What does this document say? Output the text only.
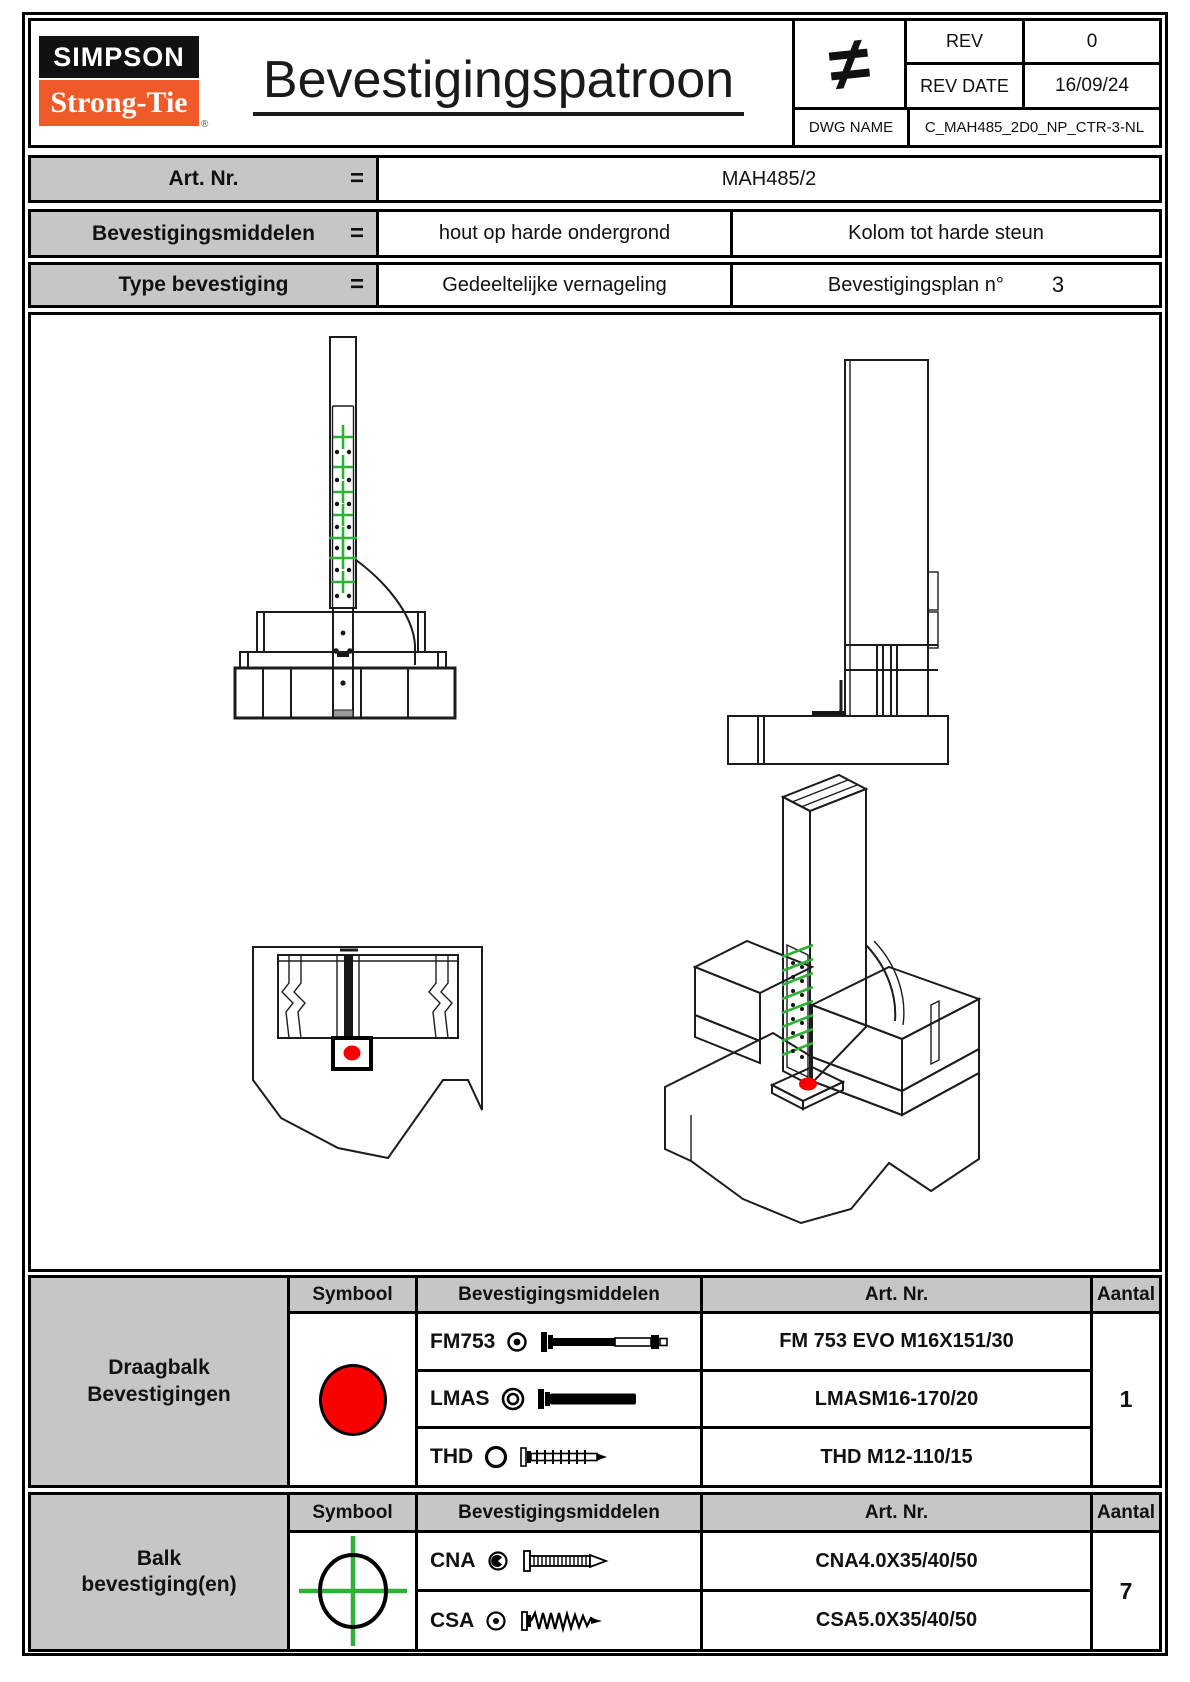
SIMPSON
Strong-Tie
®
Bevestigingspatroon ≠	REV	0
REV DATE 16/09/24
DWG NAME C_MAH485_2D0_NP_CTR-3-NL
Art. Nr.	=	MAH485/2
Bevestigingsmiddelen =	hout op harde ondergrond	Kolom tot harde steun
Type bevestiging	=	Gedeeltelijke vernageling	Bevestigingsplan n° 3
Draagbalk
Bevestigingen
Symbool	Bevestigingsmiddelen	Art. Nr.	Aantal
FM753	FM 753 EVO M16X151/30
LMAS	LMASM16-170/20
THD	THD M12-110/15
1
Balk
bevestiging(en)
Symbool	Bevestigingsmiddelen	Art. Nr.	Aantal
CNA	CNA4.0X35/40/50
CSA	CSA5.0X35/40/50
7
